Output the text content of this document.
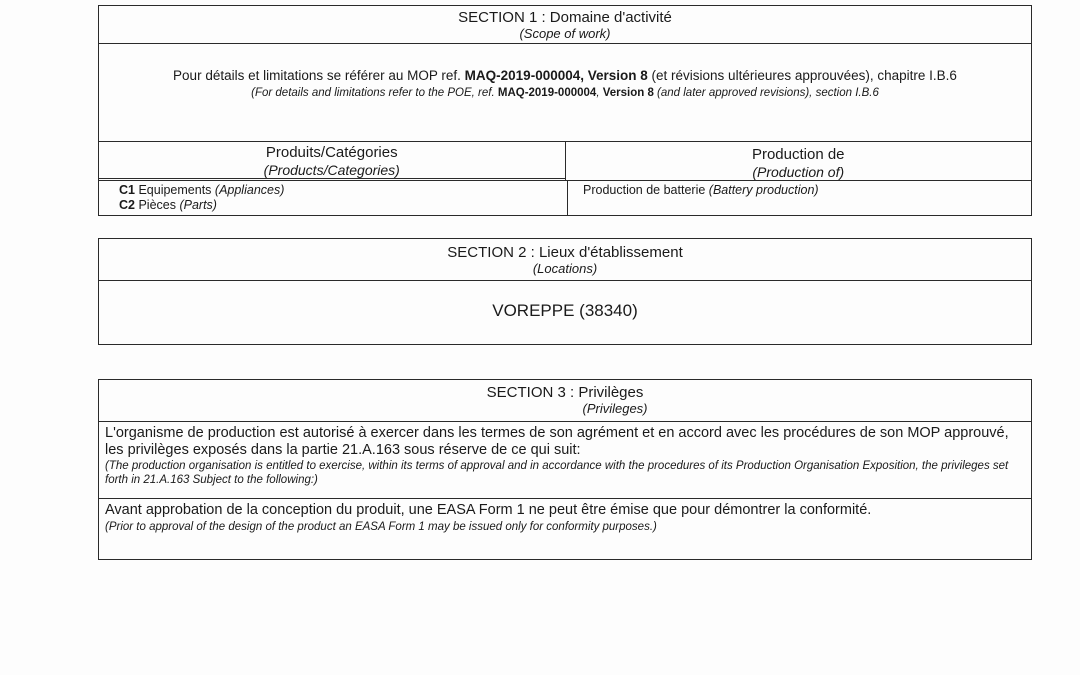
SECTION 1 : Domaine d'activité
(Scope of work)
Pour détails et limitations se référer au MOP ref. MAQ-2019-000004, Version 8 (et révisions ultérieures approuvées), chapitre I.B.6
(For details and limitations refer to the POE, ref. MAQ-2019-000004, Version 8 (and later approved revisions), section I.B.6
Produits/Catégories
(Products/Categories)
Production de
(Production of)
C1 Equipements (Appliances)
C2 Pièces (Parts)
Production de batterie (Battery production)
SECTION 2 : Lieux d'établissement
(Locations)
VOREPPE (38340)
SECTION 3 : Privilèges
(Privileges)
L'organisme de production est autorisé à exercer dans les termes de son agrément et en accord avec les procédures de son MOP approuvé, les privilèges exposés dans la partie 21.A.163 sous réserve de ce qui suit:
(The production organisation is entitled to exercise, within its terms of approval and in accordance with the procedures of its Production Organisation Exposition, the privileges set forth in 21.A.163 Subject to the following:)
Avant approbation de la conception du produit, une EASA Form 1 ne peut être émise que pour démontrer la conformité.
(Prior to approval of the design of the product an EASA Form 1 may be issued only for conformity purposes.)
